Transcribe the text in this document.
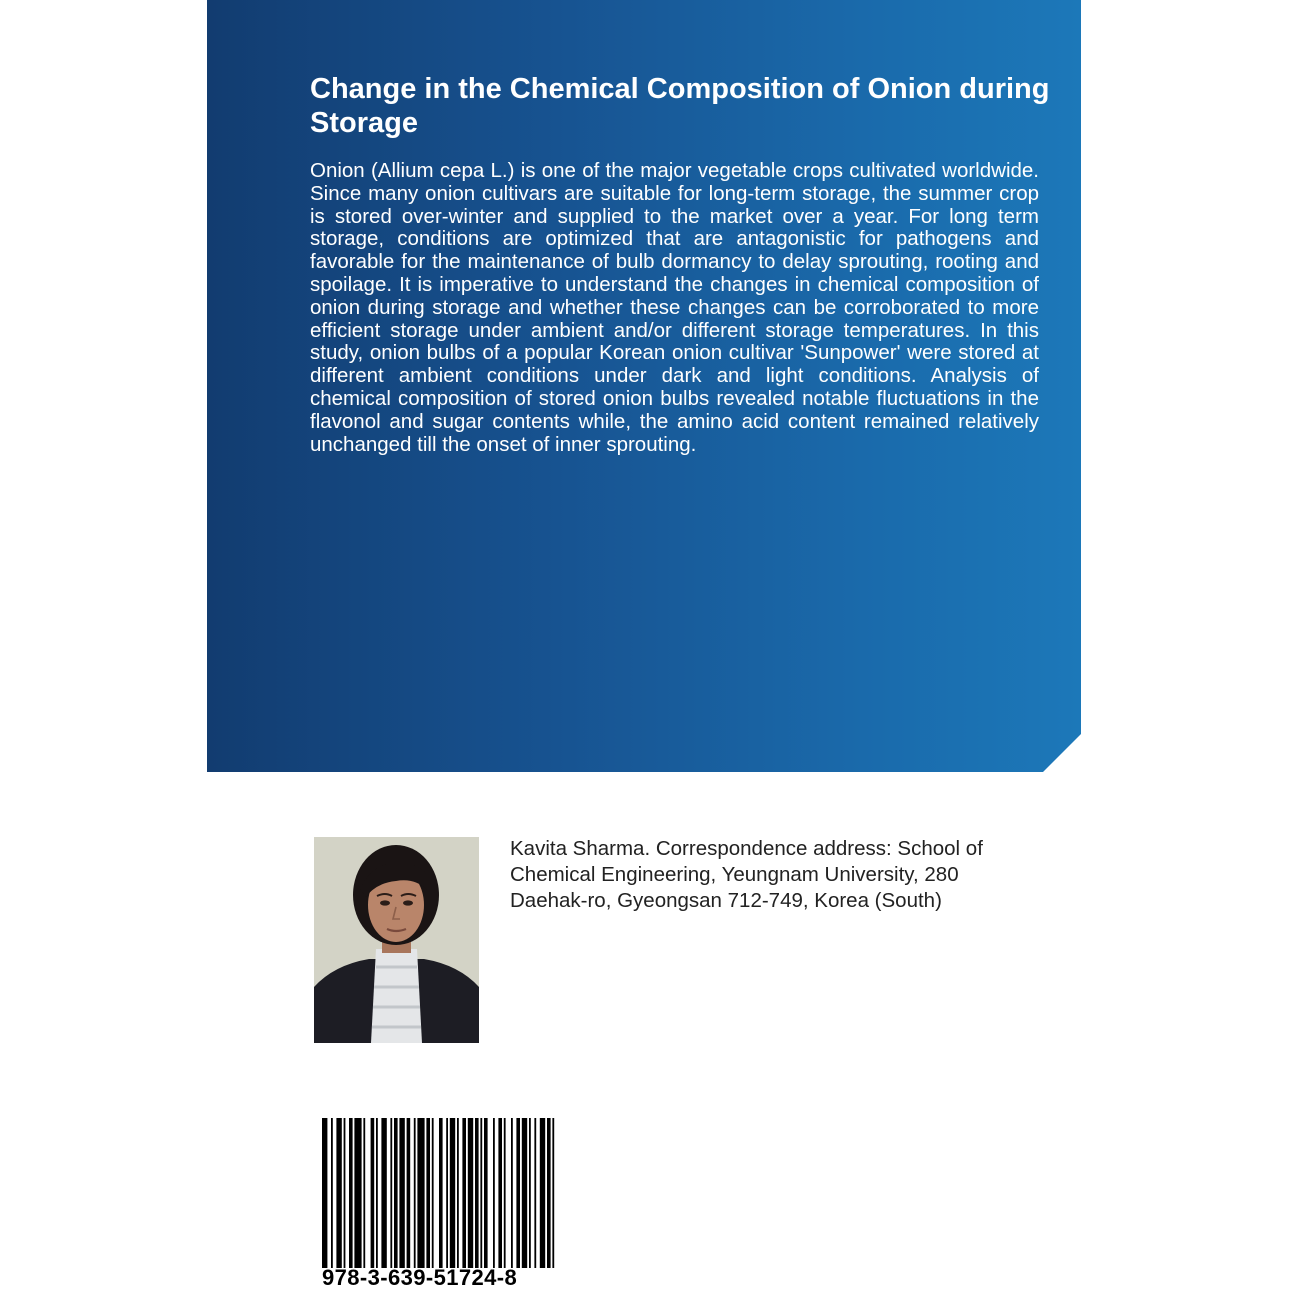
Change in the Chemical Composition of Onion during Storage

Onion (Allium cepa L.) is one of the major vegetable crops cultivated worldwide. Since many onion cultivars are suitable for long-term storage, the summer crop is stored over-winter and supplied to the market over a year. For long term storage, conditions are optimized that are antagonistic for pathogens and favorable for the maintenance of bulb dormancy to delay sprouting, rooting and spoilage. It is imperative to understand the changes in chemical composition of onion during storage and whether these changes can be corroborated to more efficient storage under ambient and/or different storage temperatures. In this study, onion bulbs of a popular Korean onion cultivar 'Sunpower' were stored at different ambient conditions under dark and light conditions. Analysis of chemical composition of stored onion bulbs revealed notable fluctuations in the flavonol and sugar contents while, the amino acid content remained relatively unchanged till the onset of inner sprouting.

Kavita Sharma. Correspondence address: School of Chemical Engineering, Yeungnam University, 280 Daehak-ro, Gyeongsan 712-749, Korea (South)

978-3-639-51724-8
